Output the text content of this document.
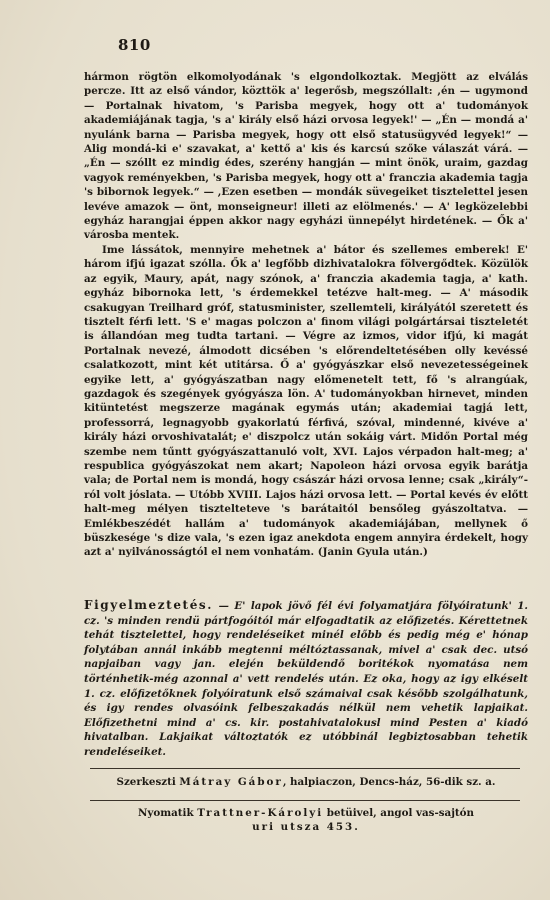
810

hármon rögtön elkomolyodának 's elgondolkoztak. Megjött az elválás percze. Itt az első vándor, közttök a' legerősb, megszóllalt: ,én — ugymond — Portalnak hivatom, 's Parisba megyek, hogy ott a' tudományok akademiájának tagja, 's a' király első házi orvosa legyek!' — „Én — mondá a' nyulánk barna — Parisba megyek, hogy ott első statusügyvéd legyek!“ — Alig mondá-ki e' szavakat, a' kettő a' kis és karcsú szőke válaszát várá. — „Én — szóllt ez mindig édes, szerény hangján — mint önök, uraim, gazdag vagyok reményekben, 's Parisba megyek, hogy ott a' franczia akademia tagja 's bibornok legyek.“ — ,Ezen esetben — mondák süvegeiket tisztelettel jesen levéve amazok — önt, monseigneur! illeti az elölmenés.' — A' legközelebbi egyház harangjai éppen akkor nagy egyházi ünnepélyt hirdetének. — Ők a' városba mentek.

Ime lássátok, mennyire mehetnek a' bátor és szellemes emberek! E' három ifjú igazat szólla. Ők a' legfőbb dizhivatalokra fölvergődtek. Közülök az egyik, Maury, apát, nagy szónok, a' franczia akademia tagja, a' kath. egyház bibornoka lett, 's érdemekkel tetézve halt-meg. — A' második csakugyan Treilhard gróf, statusminister, szellemteli, királyától szeretett és tisztelt férfi lett. 'S e' magas polczon a' finom világi polgártársai tiszteletét is állandóan meg tudta tartani. — Végre az izmos, vidor ifjú, ki magát Portalnak nevezé, álmodott dicsében 's előrendeltetésében olly kevéssé csalatkozott, mint két utitársa. Ő a' gyógyászkar első nevezetességeinek egyike lett, a' gyógyászatban nagy előmenetelt tett, fő 's alrangúak, gazdagok és szegények gyógyásza lön. A' tudományokban hirnevet, minden kitüntetést megszerze magának egymás után; akademiai tagjá lett, professorrá, legnagyobb gyakorlatú férfivá, szóval, mindenné, kivéve a' király házi orvoshivatalát; e' diszpolcz után sokáig várt. Midőn Portal még szembe nem tűntt gyógyászattanuló volt, XVI. Lajos vérpadon halt-meg; a' respublica gyógyászokat nem akart; Napoleon házi orvosa egyik barátja vala; de Portal nem is mondá, hogy császár házi orvosa lenne; csak „király“-ról volt jóslata. — Utóbb XVIII. Lajos házi orvosa lett. — Portal kevés év előtt halt-meg mélyen tisztelteteve 's barátaitól bensőleg gyászoltatva. — Emlékbeszédét hallám a' tudományok akademiájában, mellynek ő büszkesége 's dize vala, 's ezen igaz anekdota engem annyira érdekelt, hogy azt a' nyilvánosságtól el nem vonhatám. (Janin Gyula után.)

Figyelmeztetés. — E' lapok jövő fél évi folyamatjára fölyóiratunk' 1. cz. 's minden rendü pártfogóitól már elfogadtatik az előfizetés. Kérettetnek tehát tisztelettel, hogy rendeléseiket minél előbb és pedig még e' hónap folytában annál inkább megtenni méltóztassanak, mivel a' csak dec. utsó napjaiban vagy jan. elején beküldendő boritékok nyomatása nem történhetik-még azonnal a' vett rendelés után. Ez oka, hogy az igy elkéselt 1. cz. előfizetőknek folyóiratunk első számaival csak később szolgálhatunk, és igy rendes olvasóink felbeszakadás nélkül nem vehetik lapjaikat. Előfizethetni mind a' cs. kir. postahivatalokusl mind Pesten a' kiadó hivatalban. Lakjaikat változtatók ez utóbbinál legbiztosabban tehetik rendeléseiket.
Szerkeszti Mátray Gábor, halpiaczon, Dencs-ház, 56-dik sz. a.
Nyomatik Trattner-Károlyi betüivel, angol vas-sajtón
uri utsza 453.
